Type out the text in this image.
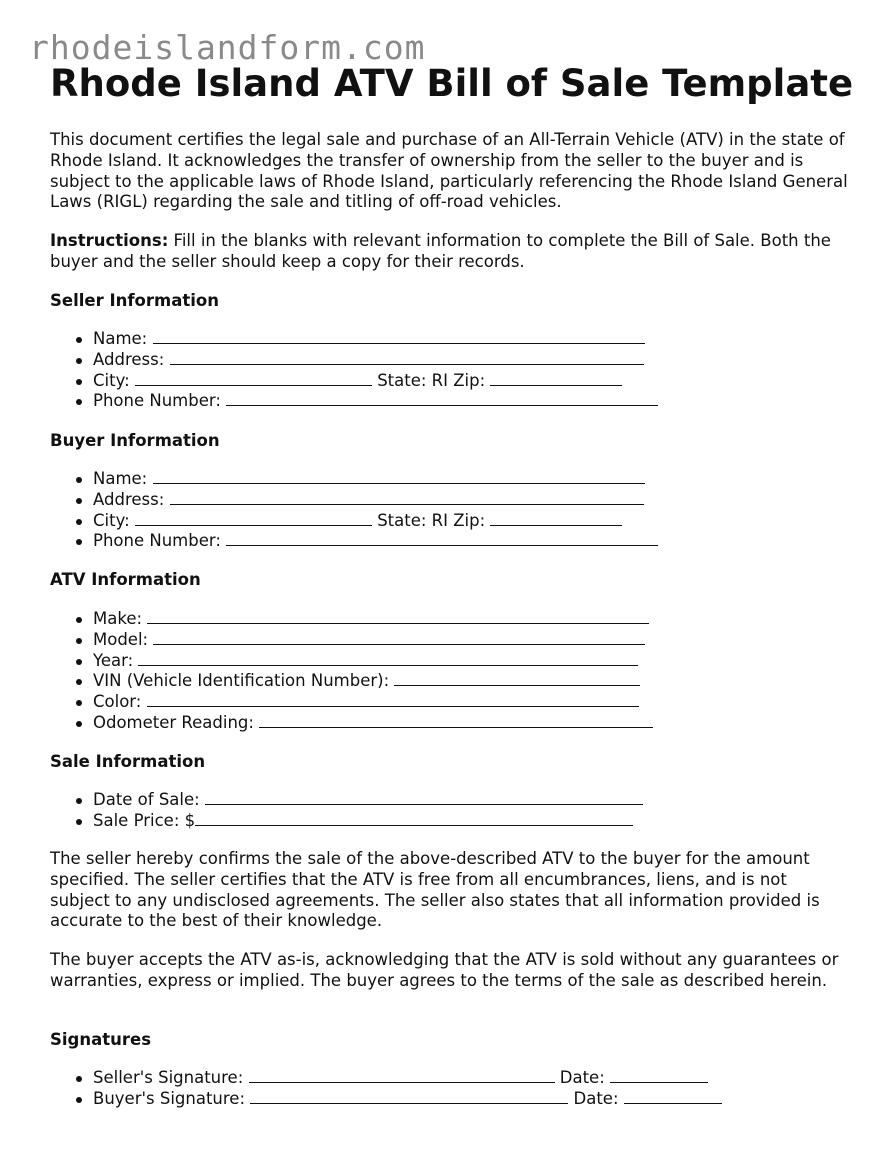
rhodeislandform.com
Rhode Island ATV Bill of Sale Template

This document certifies the legal sale and purchase of an All-Terrain Vehicle (ATV) in the state of Rhode Island. It acknowledges the transfer of ownership from the seller to the buyer and is subject to the applicable laws of Rhode Island, particularly referencing the Rhode Island General Laws (RIGL) regarding the sale and titling of off-road vehicles.

Instructions: Fill in the blanks with relevant information to complete the Bill of Sale. Both the buyer and the seller should keep a copy for their records.

Seller Information
Name:
Address:
City:	State: RI Zip:
Phone Number:
Buyer Information
Name:
Address:
City:	State: RI Zip:
Phone Number:
ATV Information
Make:
Model:
Year:
VIN (Vehicle Identification Number):
Color:
Odometer Reading:
Sale Information
Date of Sale:
Sale Price: $

The seller hereby confirms the sale of the above-described ATV to the buyer for the amount specified. The seller certifies that the ATV is free from all encumbrances, liens, and is not subject to any undisclosed agreements. The seller also states that all information provided is accurate to the best of their knowledge.

The buyer accepts the ATV as-is, acknowledging that the ATV is sold without any guarantees or warranties, express or implied. The buyer agrees to the terms of the sale as described herein.

Signatures
Seller's Signature:	Date:
Buyer's Signature:	Date:
